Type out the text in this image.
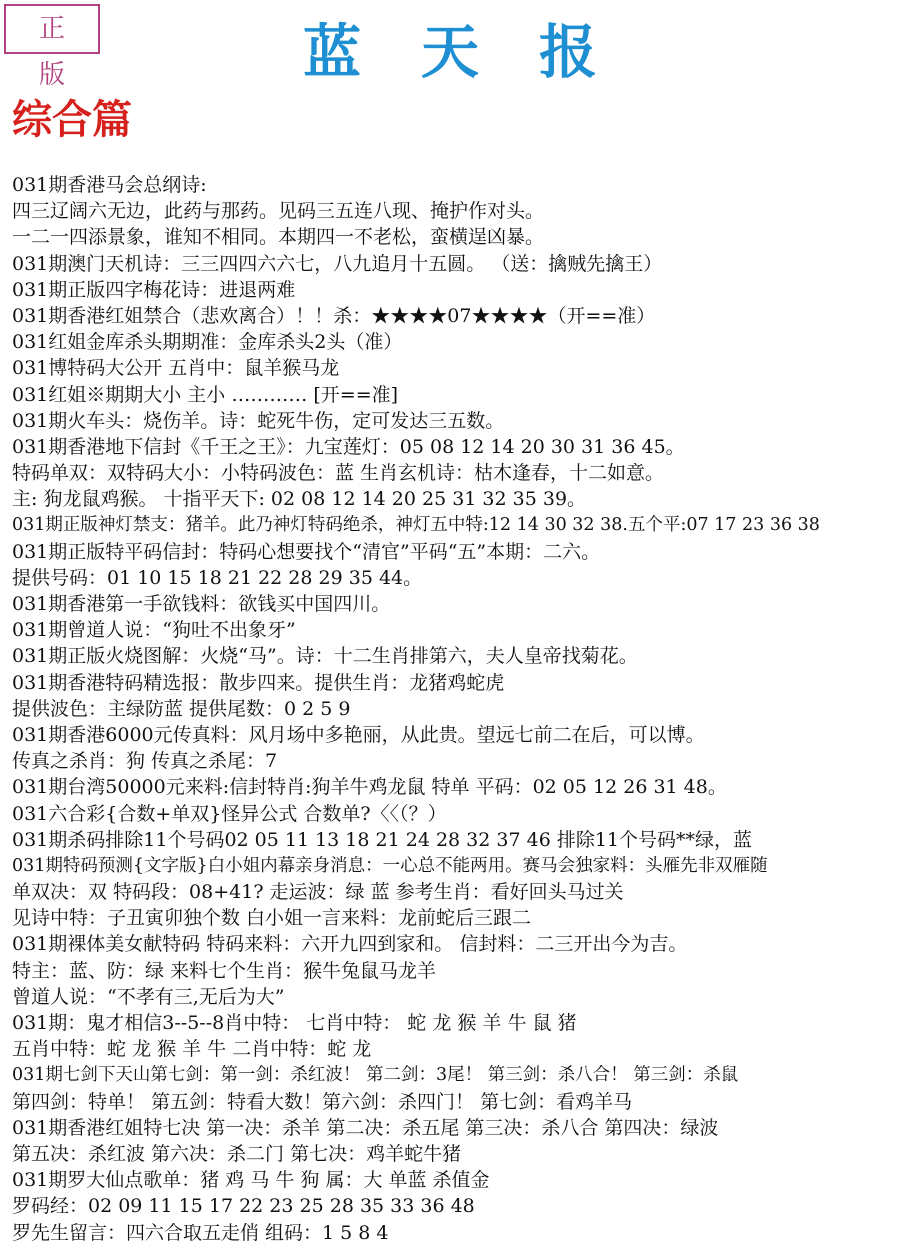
正版	蓝天报
综合篇
031期香港马会总纲诗:
四三辽阔六无边，此药与那药。见码三五连八现、掩护作对头。
一二一四添景象，谁知不相同。本期四一不老松，蛮横逞凶暴。
031期澳门天机诗：三三四四六六七，八九追月十五圆。 （送：擒贼先擒王）
031期正版四字梅花诗：进退两难
031期香港红姐禁合（悲欢离合）！！杀：★★★★07★★★★（开==准）
031红姐金库杀头期期准：金库杀头2头（准）
031博特码大公开 五肖中：鼠羊猴马龙
031红姐※期期大小 主小 ………… [开==准]
031期火车头：烧伤羊。诗：蛇死牛伤，定可发达三五数。
031期香港地下信封《千王之王》：九宝莲灯：05 08 12 14 20 30 31 36 45。
特码单双：双特码大小：小特码波色：蓝 生肖玄机诗：枯木逢春，十二如意。
主: 狗龙鼠鸡猴。 十指平天下: 02 08 12 14 20 25 31 32 35 39。
031期正版神灯禁支：猪羊。此乃神灯特码绝杀，神灯五中特:12 14 30 32 38.五个平:07 17 23 36 38
031期正版特平码信封：特码心想要找个“清官”平码“五”本期：二六。
提供号码：01 10 15 18 21 22 28 29 35 44。
031期香港第一手欲钱料：欲钱买中国四川。
031期曾道人说：“狗吐不出象牙”
031期正版火烧图解：火烧“马”。诗：十二生肖排第六，夫人皇帝找菊花。
031期香港特码精选报：散步四来。提供生肖：龙猪鸡蛇虎
提供波色：主绿防蓝 提供尾数：0 2 5 9
031期香港6000元传真料：风月场中多艳丽，从此贵。望远七前二在后，可以博。
传真之杀肖：狗 传真之杀尾：7
031期台湾50000元来料:信封特肖:狗羊牛鸡龙鼠 特单 平码：02 05 12 26 31 48。
031六合彩{合数+单双}怪异公式 合数单?〈〈（？）
031期杀码排除11个号码02 05 11 13 18 21 24 28 32 37 46 排除11个号码**绿，蓝
031期特码预测{文字版}白小姐内幕亲身消息：一心总不能两用。赛马会独家料：头雁先非双雁随
单双决：双 特码段：08+41? 走运波：绿 蓝 参考生肖：看好回头马过关
见诗中特：子丑寅卯独个数 白小姐一言来料：龙前蛇后三跟二
031期裸体美女献特码 特码来料：六开九四到家和。 信封料：二三开出今为吉。
特主：蓝、防：绿 来料七个生肖：猴牛兔鼠马龙羊
曾道人说：“不孝有三,无后为大”
031期：鬼才相信3--5--8肖中特： 七肖中特： 蛇 龙 猴 羊 牛 鼠 猪
五肖中特：蛇 龙 猴 羊 牛 二肖中特：蛇 龙
031期七剑下天山第七剑：第一剑：杀红波！ 第二剑：3尾！ 第三剑：杀八合！ 第三剑：杀鼠
第四剑：特单！ 第五剑：特看大数！第六剑：杀四门！ 第七剑：看鸡羊马
031期香港红姐特七决 第一决：杀羊 第二决：杀五尾 第三决：杀八合 第四决：绿波
第五决：杀红波 第六决：杀二门 第七决：鸡羊蛇牛猪
031期罗大仙点歌单：猪 鸡 马 牛 狗 属：大 单蓝 杀值金
罗码经：02 09 11 15 17 22 23 25 28 35 33 36 48
罗先生留言：四六合取五走俏 组码：1 5 8 4
